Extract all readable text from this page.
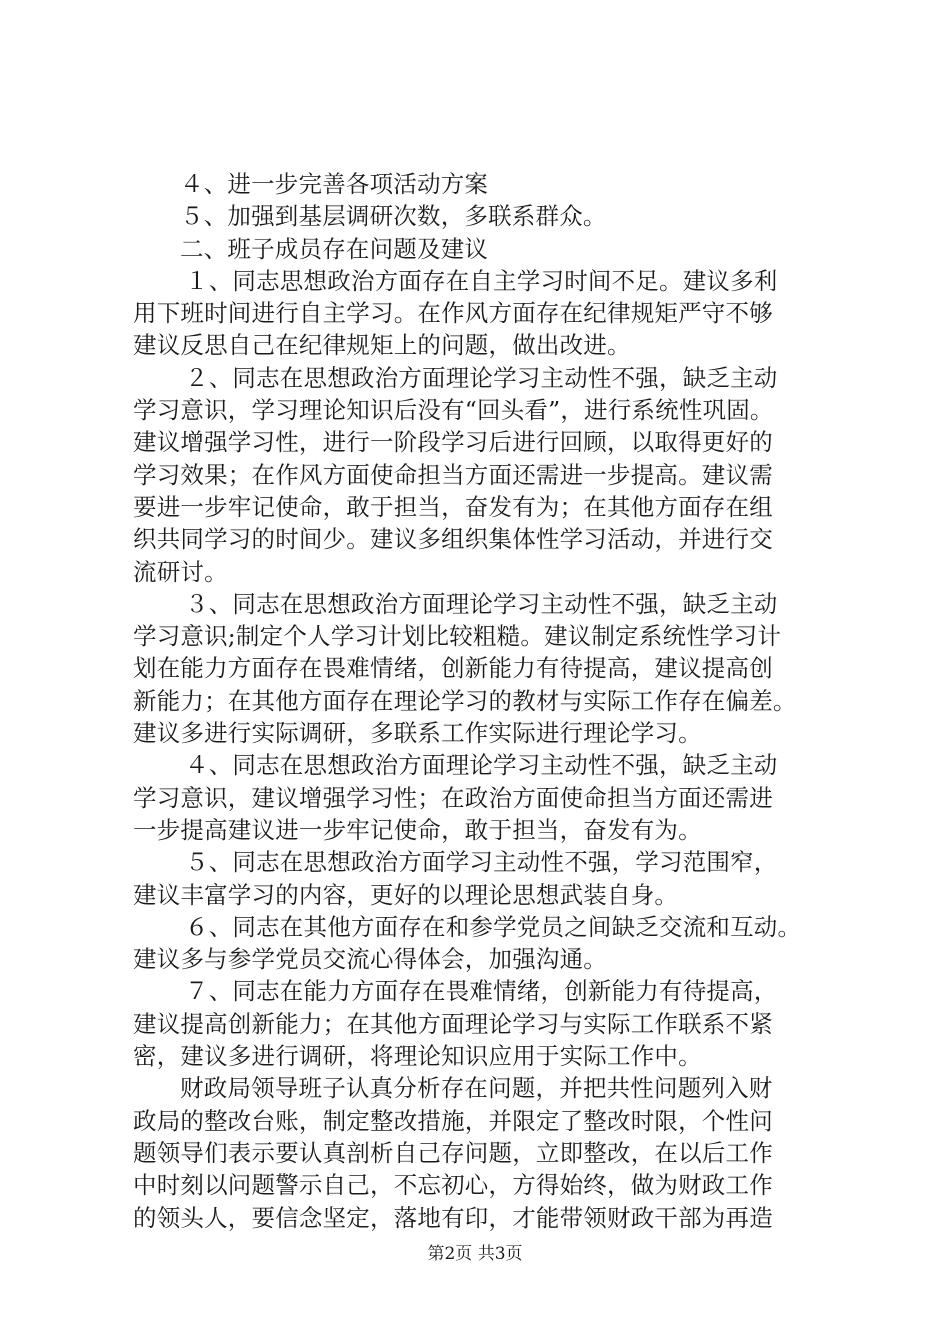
４、进一步完善各项活动方案
５、加强到基层调研次数，多联系群众。
二、班子成员存在问题及建议
１、同志思想政治方面存在自主学习时间不足。建议多利
用下班时间进行自主学习。在作风方面存在纪律规矩严守不够
建议反思自己在纪律规矩上的问题，做出改进。
２、同志在思想政治方面理论学习主动性不强，缺乏主动
学习意识，学习理论知识后没有“回头看”，进行系统性巩固。
建议增强学习性，进行一阶段学习后进行回顾，以取得更好的
学习效果；在作风方面使命担当方面还需进一步提高。建议需
要进一步牢记使命，敢于担当，奋发有为；在其他方面存在组
织共同学习的时间少。建议多组织集体性学习活动，并进行交
流研讨。
３、同志在思想政治方面理论学习主动性不强，缺乏主动
学习意识;制定个人学习计划比较粗糙。建议制定系统性学习计
划在能力方面存在畏难情绪，创新能力有待提高，建议提高创
新能力；在其他方面存在理论学习的教材与实际工作存在偏差。
建议多进行实际调研，多联系工作实际进行理论学习。
４、同志在思想政治方面理论学习主动性不强，缺乏主动
学习意识，建议增强学习性；在政治方面使命担当方面还需进
一步提高建议进一步牢记使命，敢于担当，奋发有为。
５、同志在思想政治方面学习主动性不强，学习范围窄，
建议丰富学习的内容，更好的以理论思想武装自身。
６、同志在其他方面存在和参学党员之间缺乏交流和互动。
建议多与参学党员交流心得体会，加强沟通。
７、同志在能力方面存在畏难情绪，创新能力有待提高，
建议提高创新能力；在其他方面理论学习与实际工作联系不紧
密，建议多进行调研，将理论知识应用于实际工作中。
财政局领导班子认真分析存在问题，并把共性问题列入财
政局的整改台账，制定整改措施，并限定了整改时限，个性问
题领导们表示要认真剖析自己存问题，立即整改，在以后工作
中时刻以问题警示自己，不忘初心，方得始终，做为财政工作
的领头人，要信念坚定，落地有印，才能带领财政干部为再造
第2页 共3页
